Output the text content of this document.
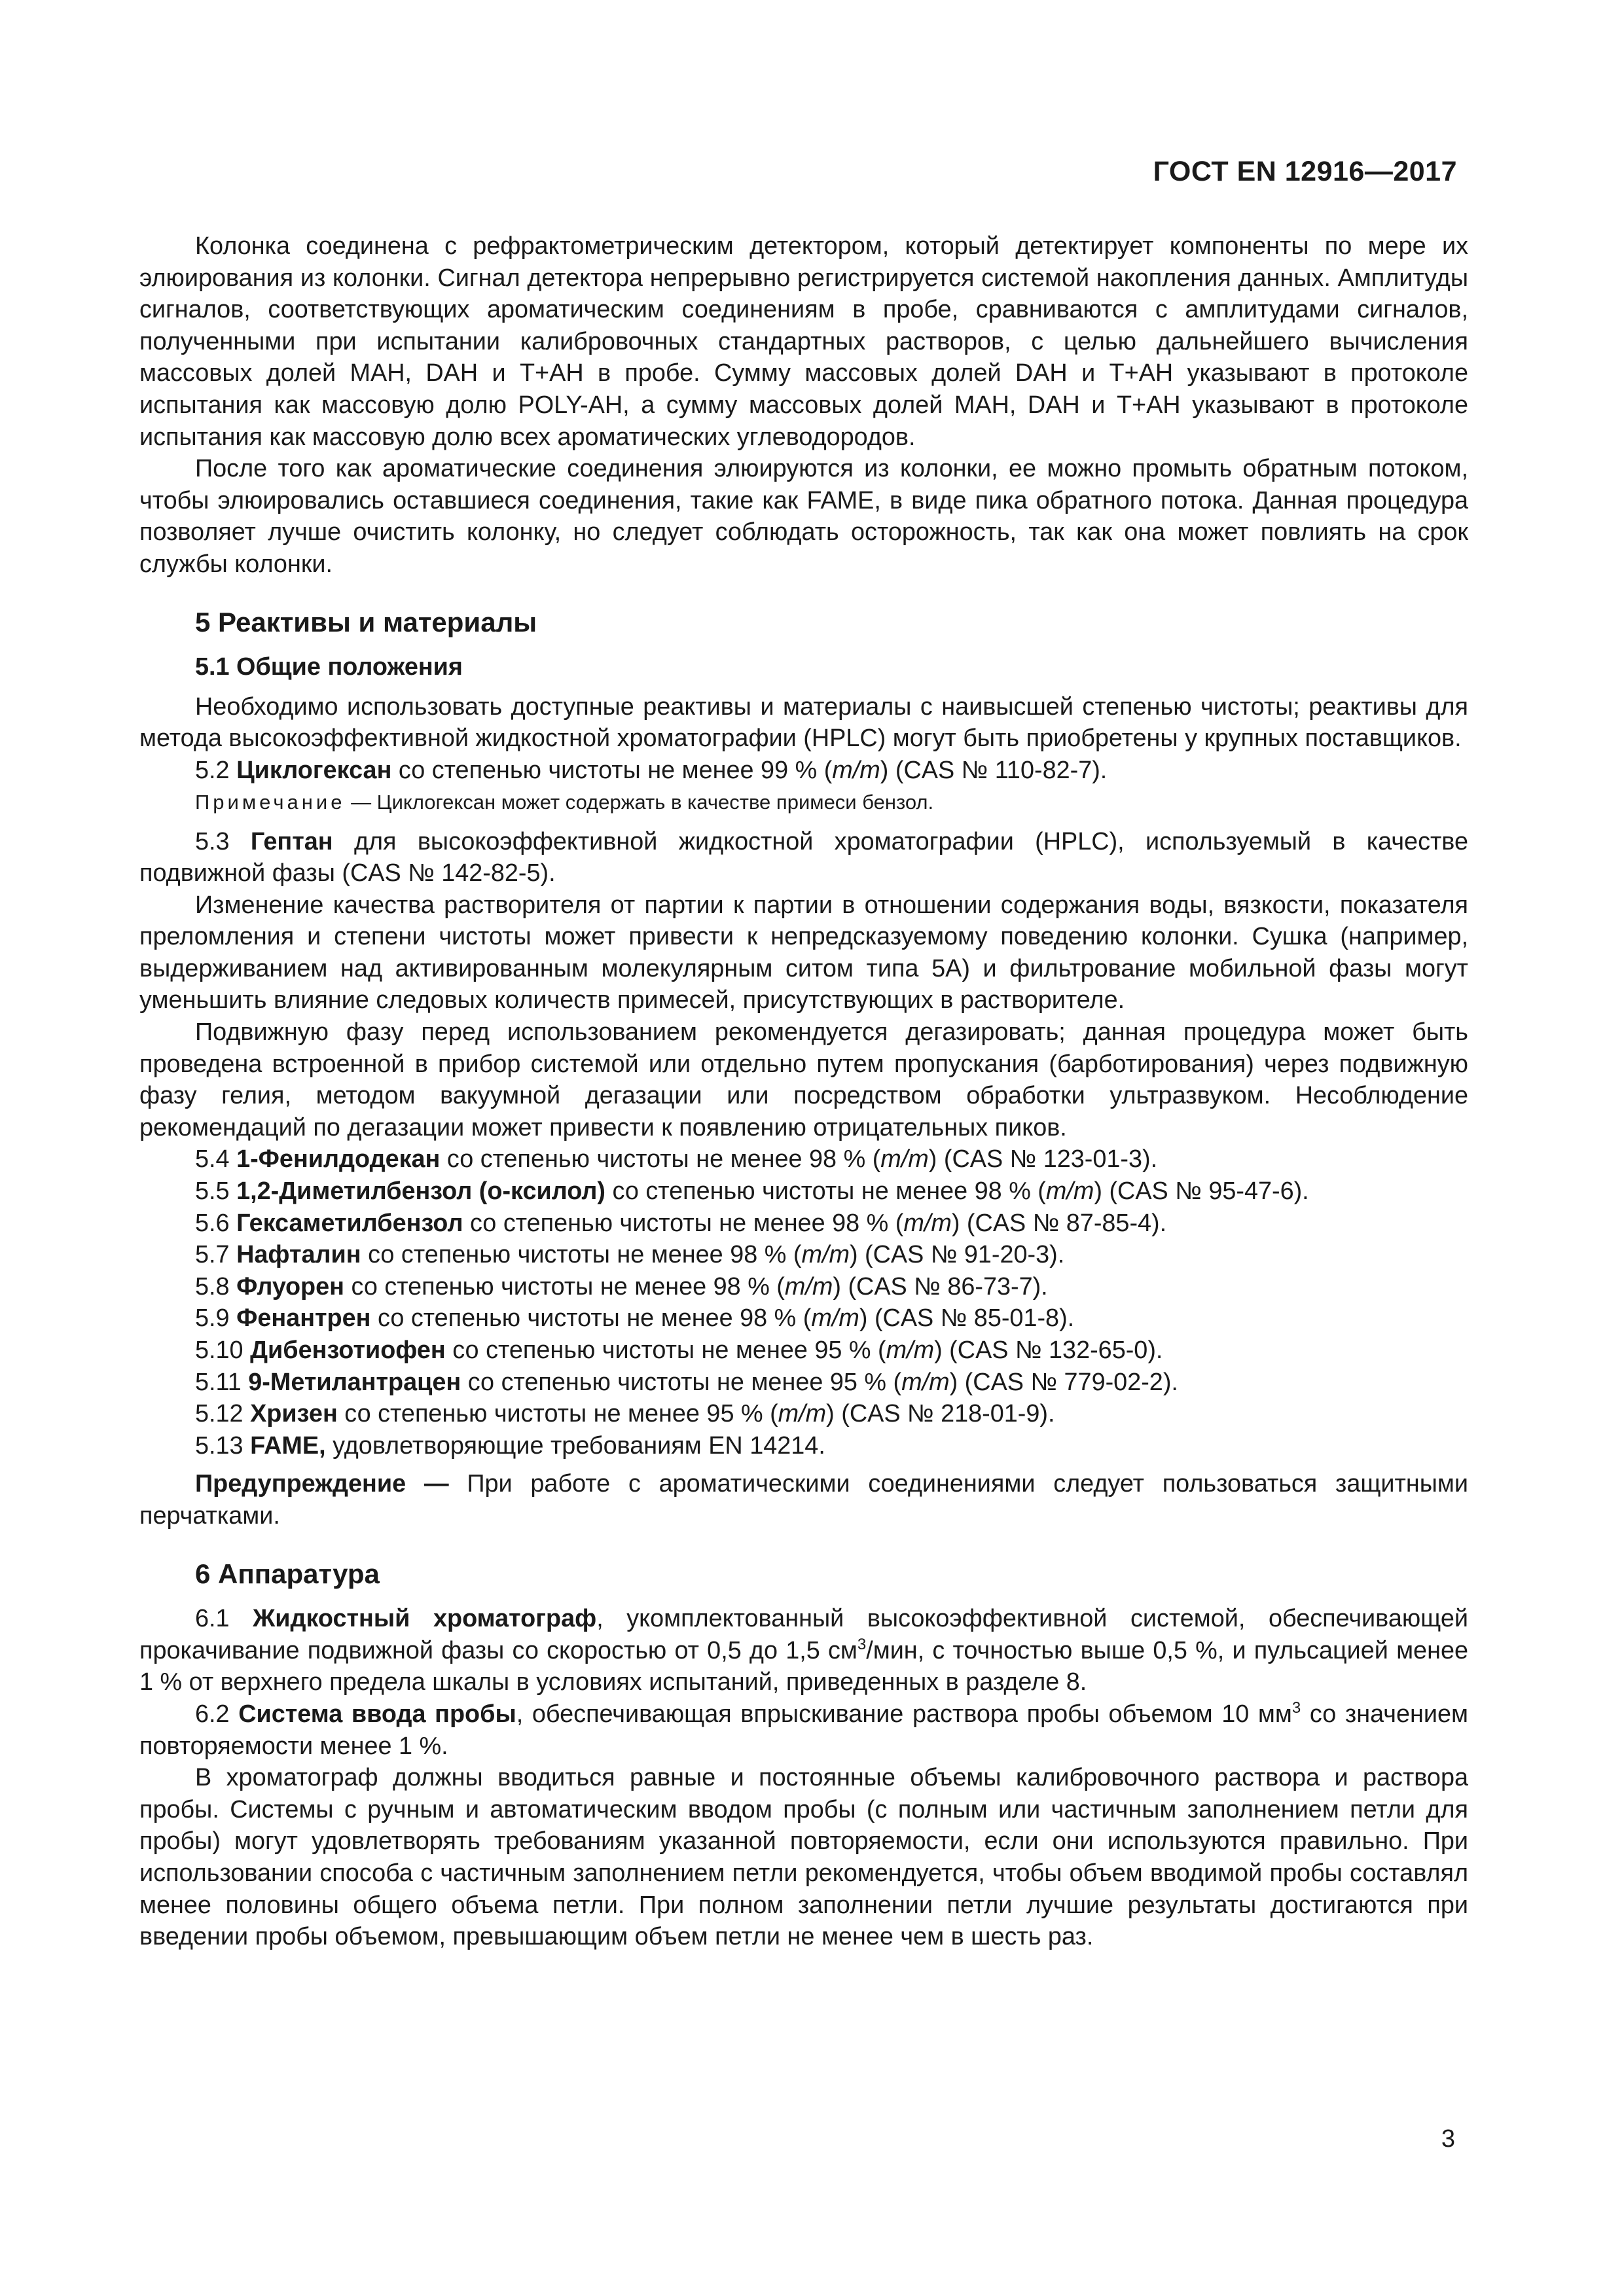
ГОСТ EN 12916—2017

Колонка соединена с рефрактометрическим детектором, который детектирует компоненты по мере их элюирования из колонки. Сигнал детектора непрерывно регистрируется системой накопления данных. Амплитуды сигналов, соответствующих ароматическим соединениям в пробе, сравниваются с амплитудами сигналов, полученными при испытании калибровочных стандартных растворов, с целью дальнейшего вычисления массовых долей MAH, DAH и T+AH в пробе. Сумму массовых долей DAH и T+AH указывают в протоколе испытания как массовую долю POLY-AH, а сумму массовых долей MAH, DAH и T+AH указывают в протоколе испытания как массовую долю всех ароматических углеводородов.

После того как ароматические соединения элюируются из колонки, ее можно промыть обратным потоком, чтобы элюировались оставшиеся соединения, такие как FAME, в виде пика обратного потока. Данная процедура позволяет лучше очистить колонку, но следует соблюдать осторожность, так как она может повлиять на срок службы колонки.

5 Реактивы и материалы
5.1 Общие положения

Необходимо использовать доступные реактивы и материалы с наивысшей степенью чистоты; реактивы для метода высокоэффективной жидкостной хроматографии (HPLC) могут быть приобретены у крупных поставщиков.

5.2 Циклогексан со степенью чистоты не менее 99 % (m/m) (CAS № 110-82-7).

Примечание — Циклогексан может содержать в качестве примеси бензол.

5.3 Гептан для высокоэффективной жидкостной хроматографии (HPLC), используемый в качестве подвижной фазы (CAS № 142-82-5).

Изменение качества растворителя от партии к партии в отношении содержания воды, вязкости, показателя преломления и степени чистоты может привести к непредсказуемому поведению колонки. Сушка (например, выдерживанием над активированным молекулярным ситом типа 5А) и фильтрование мобильной фазы могут уменьшить влияние следовых количеств примесей, присутствующих в растворителе.

Подвижную фазу перед использованием рекомендуется дегазировать; данная процедура может быть проведена встроенной в прибор системой или отдельно путем пропускания (барботирования) через подвижную фазу гелия, методом вакуумной дегазации или посредством обработки ультразвуком. Несоблюдение рекомендаций по дегазации может привести к появлению отрицательных пиков.

5.4 1-Фенилдодекан со степенью чистоты не менее 98 % (m/m) (CAS № 123-01-3).

5.5 1,2-Диметилбензол (о-ксилол) со степенью чистоты не менее 98 % (m/m) (CAS № 95-47-6).

5.6 Гексаметилбензол со степенью чистоты не менее 98 % (m/m) (CAS № 87-85-4).

5.7 Нафталин со степенью чистоты не менее 98 % (m/m) (CAS № 91-20-3).

5.8 Флуорен со степенью чистоты не менее 98 % (m/m) (CAS № 86-73-7).

5.9 Фенантрен со степенью чистоты не менее 98 % (m/m) (CAS № 85-01-8).

5.10 Дибензотиофен со степенью чистоты не менее 95 % (m/m) (CAS № 132-65-0).

5.11 9-Метилантрацен со степенью чистоты не менее 95 % (m/m) (CAS № 779-02-2).

5.12 Хризен со степенью чистоты не менее 95 % (m/m) (CAS № 218-01-9).

5.13 FAME, удовлетворяющие требованиям EN 14214.

Предупреждение — При работе с ароматическими соединениями следует пользоваться защитными перчатками.

6 Аппаратура

6.1 Жидкостный хроматограф, укомплектованный высокоэффективной системой, обеспечивающей прокачивание подвижной фазы со скоростью от 0,5 до 1,5 $см^3$/мин, с точностью выше 0,5 %, и пульсацией менее 1 % от верхнего предела шкалы в условиях испытаний, приведенных в разделе 8.

6.2 Система ввода пробы, обеспечивающая впрыскивание раствора пробы объемом 10 $мм^3$ со значением повторяемости менее 1 %.

В хроматограф должны вводиться равные и постоянные объемы калибровочного раствора и раствора пробы. Системы с ручным и автоматическим вводом пробы (с полным или частичным заполнением петли для пробы) могут удовлетворять требованиям указанной повторяемости, если они используются правильно. При использовании способа с частичным заполнением петли рекомендуется, чтобы объем вводимой пробы составлял менее половины общего объема петли. При полном заполнении петли лучшие результаты достигаются при введении пробы объемом, превышающим объем петли не менее чем в шесть раз.

3
